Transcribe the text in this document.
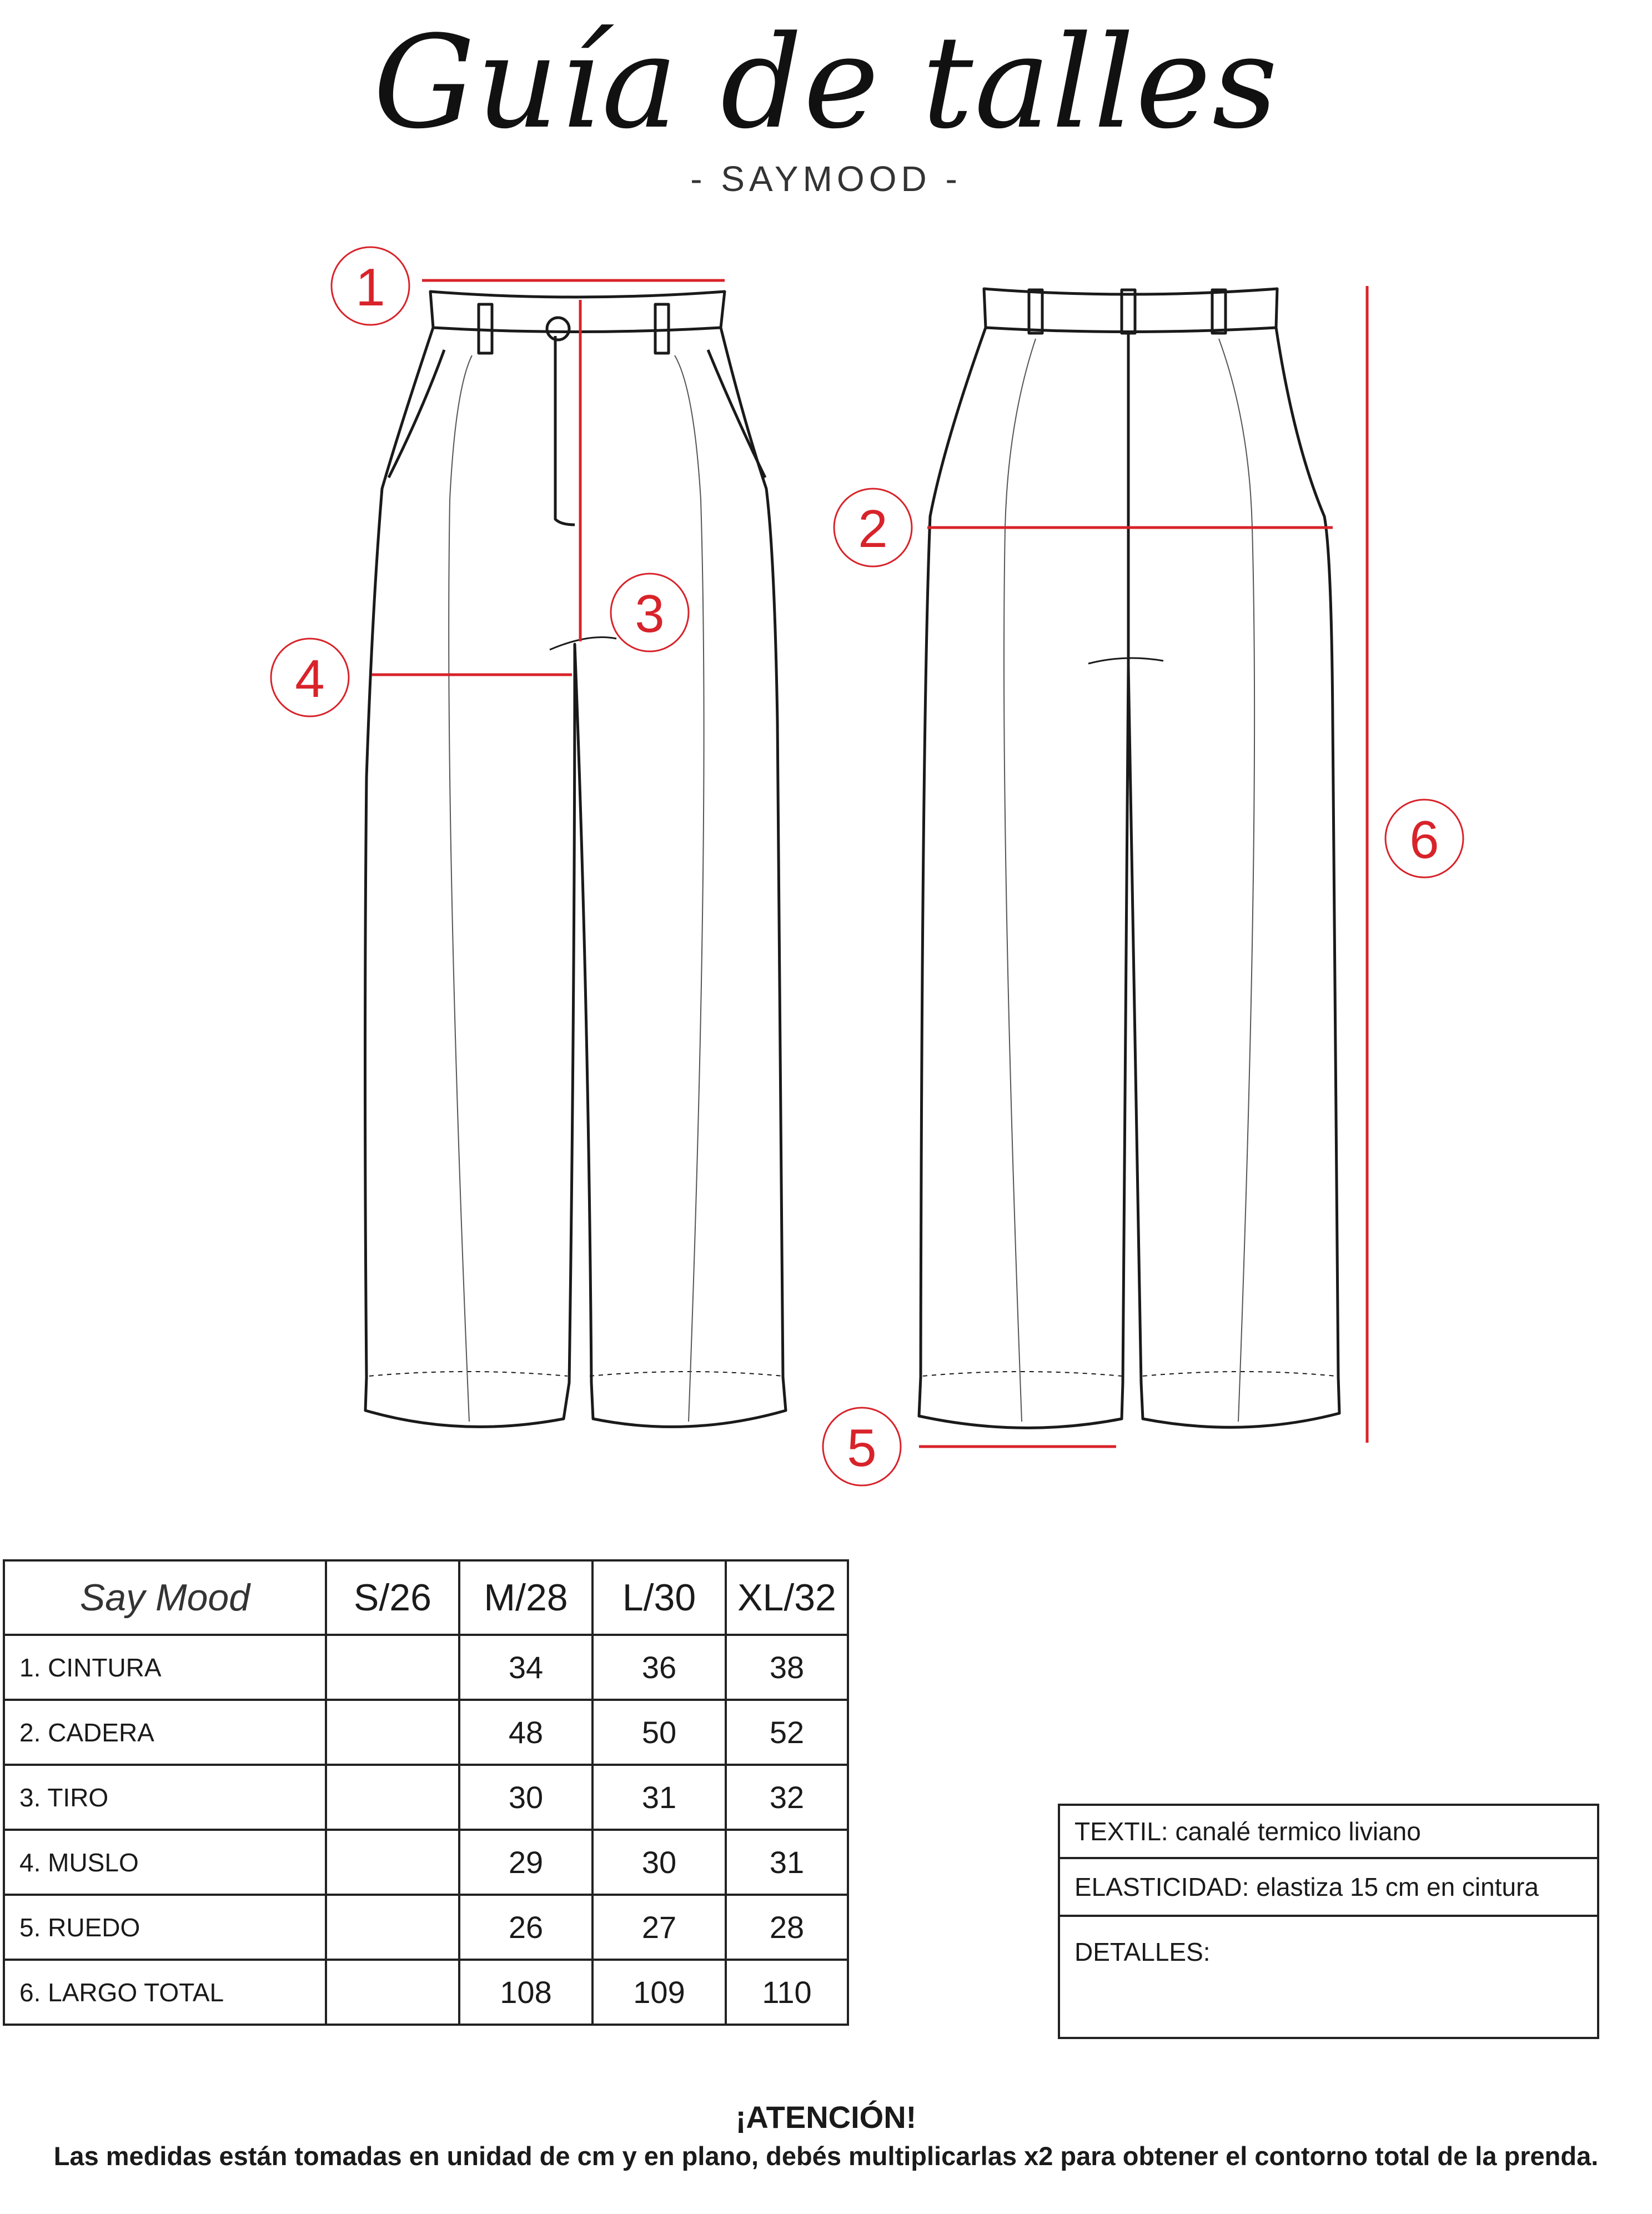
Guía de talles
- SAYMOOD -
1
2
3
4
5
6
Say Mood	S/26	M/28	L/30	XL/32
1. CINTURA		34	36	38
2. CADERA		48	50	52
3. TIRO		30	31	32
4. MUSLO		29	30	31
5. RUEDO		26	27	28
6. LARGO TOTAL		108	109	110
TEXTIL: canalé termico liviano
ELASTICIDAD: elastiza 15 cm en cintura
DETALLES:
¡ATENCIÓN!
Las medidas están tomadas en unidad de cm y en plano, debés multiplicarlas x2 para obtener el contorno total de la prenda.
